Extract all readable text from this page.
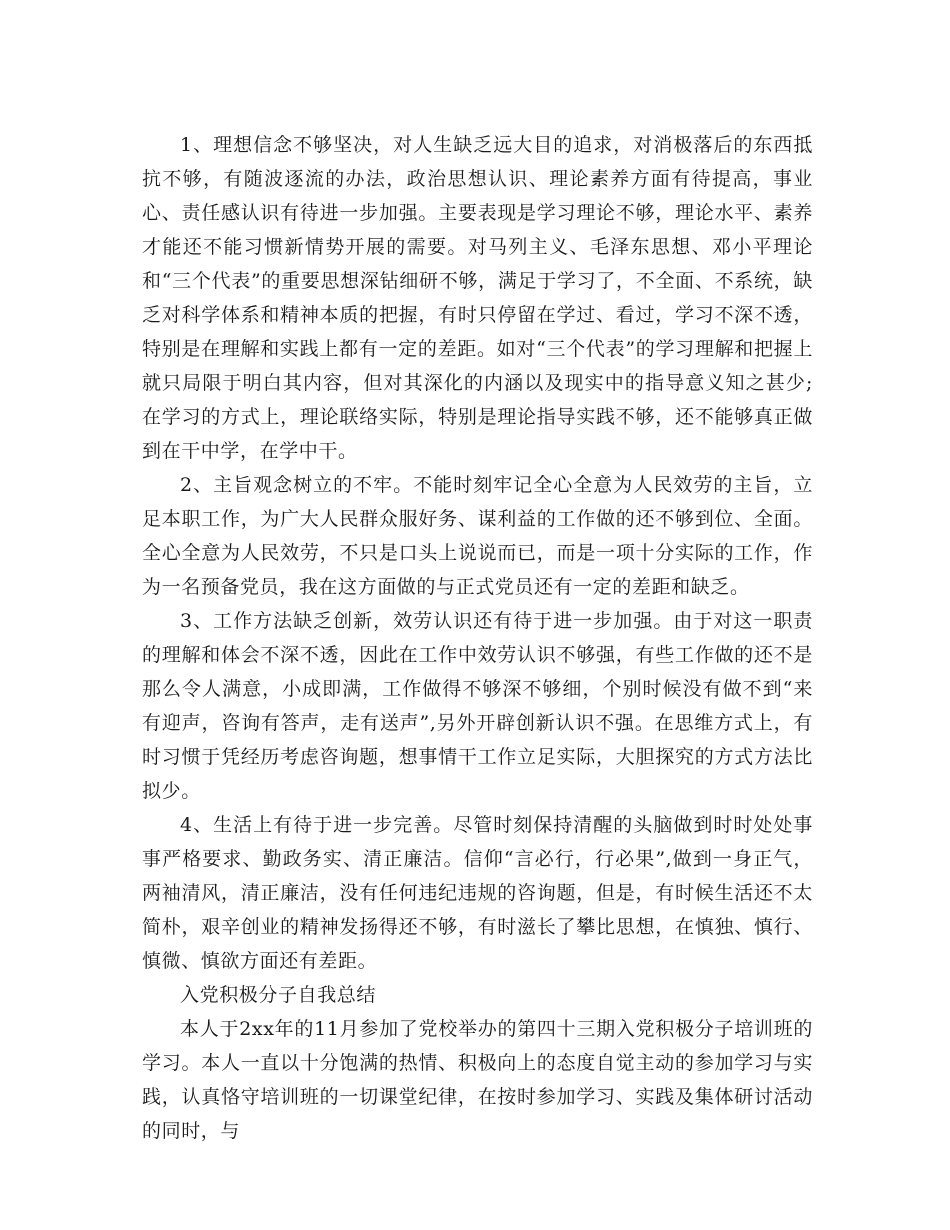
1、理想信念不够坚决，对人生缺乏远大目的追求，对消极落后的东西抵抗不够，有随波逐流的办法，政治思想认识、理论素养方面有待提高，事业心、责任感认识有待进一步加强。主要表现是学习理论不够，理论水平、素养才能还不能习惯新情势开展的需要。对马列主义、毛泽东思想、邓小平理论和“三个代表”的重要思想深钻细研不够，满足于学习了，不全面、不系统，缺乏对科学体系和精神本质的把握，有时只停留在学过、看过，学习不深不透，特别是在理解和实践上都有一定的差距。如对“三个代表”的学习理解和把握上就只局限于明白其内容，但对其深化的内涵以及现实中的指导意义知之甚少;在学习的方式上，理论联络实际，特别是理论指导实践不够，还不能够真正做到在干中学，在学中干。

2、主旨观念树立的不牢。不能时刻牢记全心全意为人民效劳的主旨，立足本职工作，为广大人民群众服好务、谋利益的工作做的还不够到位、全面。全心全意为人民效劳，不只是口头上说说而已，而是一项十分实际的工作，作为一名预备党员，我在这方面做的与正式党员还有一定的差距和缺乏。

3、工作方法缺乏创新，效劳认识还有待于进一步加强。由于对这一职责的理解和体会不深不透，因此在工作中效劳认识不够强，有些工作做的还不是那么令人满意，小成即满，工作做得不够深不够细，个别时候没有做不到“来有迎声，咨询有答声，走有送声”,另外开辟创新认识不强。在思维方式上，有时习惯于凭经历考虑咨询题，想事情干工作立足实际，大胆探究的方式方法比拟少。

4、生活上有待于进一步完善。尽管时刻保持清醒的头脑做到时时处处事事严格要求、勤政务实、清正廉洁。信仰“言必行，行必果”,做到一身正气，两袖清风，清正廉洁，没有任何违纪违规的咨询题，但是，有时候生活还不太简朴，艰辛创业的精神发扬得还不够，有时滋长了攀比思想，在慎独、慎行、慎微、慎欲方面还有差距。

入党积极分子自我总结

本人于2xx年的11月参加了党校举办的第四十三期入党积极分子培训班的学习。本人一直以十分饱满的热情、积极向上的态度自觉主动的参加学习与实践，认真恪守培训班的一切课堂纪律，在按时参加学习、实践及集体研讨活动的同时，与
